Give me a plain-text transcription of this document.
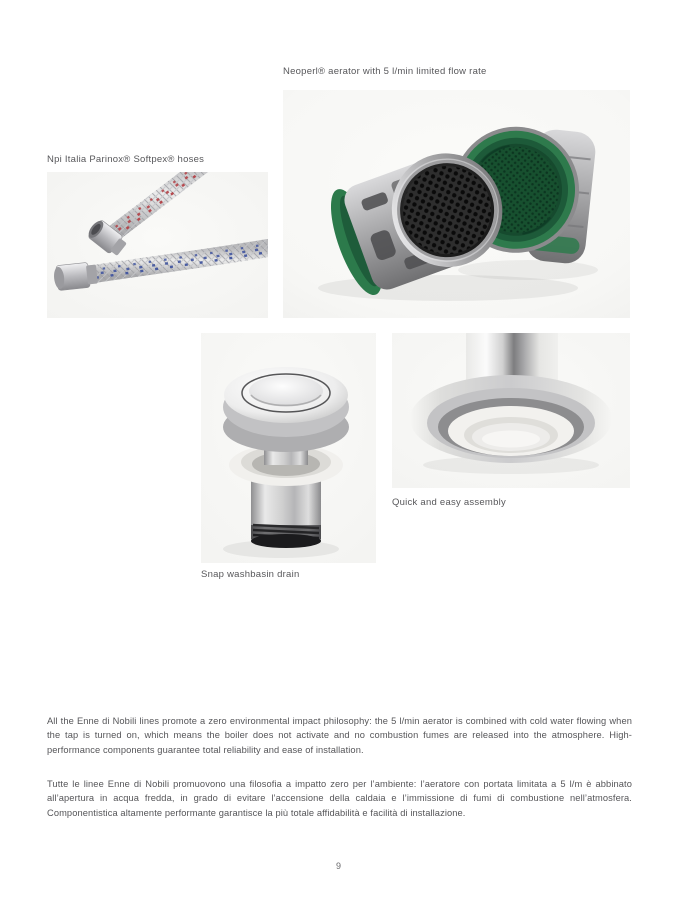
Neoperl® aerator with 5 l/min limited flow rate
Npi Italia Parinox® Softpex® hoses
Quick and easy assembly
Snap washbasin drain

All the Enne di Nobili lines promote a zero environmental impact philosophy: the 5 l/min aerator is combined with cold water flowing when the tap is turned on, which means the boiler does not activate and no combustion fumes are released into the atmosphere. High-performance components guarantee total reliability and ease of installation.

Tutte le linee Enne di Nobili promuovono una filosofia a impatto zero per l’ambiente: l’aeratore con portata limitata a 5 l/m è abbinato all’apertura in acqua fredda, in grado di evitare l’accensione della caldaia e l’immissione di fumi di combustione nell’atmosfera. Componentistica altamente performante garantisce la più totale affidabilità e facilità di installazione.

9
